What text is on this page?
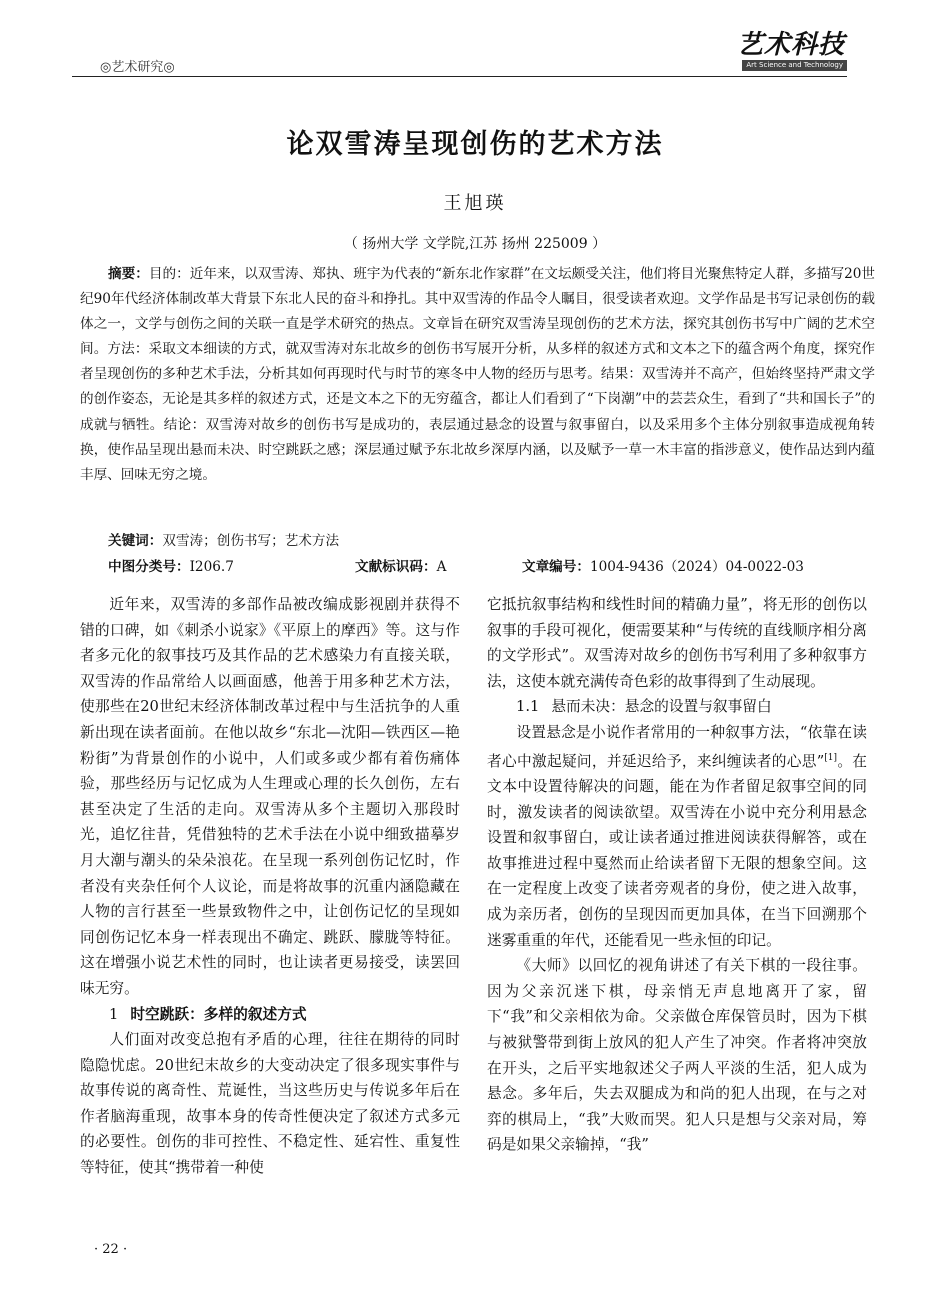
◎艺术研究◎
艺术科技
Art Science and Technology
论双雪涛呈现创伤的艺术方法
王旭瑛
（ 扬州大学 文学院,江苏 扬州 225009 ）

摘要：目的：近年来，以双雪涛、郑执、班宇为代表的“新东北作家群”在文坛颇受关注，他们将目光聚焦特定人群，多描写20世纪90年代经济体制改革大背景下东北人民的奋斗和挣扎。其中双雪涛的作品令人瞩目，很受读者欢迎。文学作品是书写记录创伤的载体之一，文学与创伤之间的关联一直是学术研究的热点。文章旨在研究双雪涛呈现创伤的艺术方法，探究其创伤书写中广阔的艺术空间。方法：采取文本细读的方式，就双雪涛对东北故乡的创伤书写展开分析，从多样的叙述方式和文本之下的蕴含两个角度，探究作者呈现创伤的多种艺术手法，分析其如何再现时代与时节的寒冬中人物的经历与思考。结果：双雪涛并不高产，但始终坚持严肃文学的创作姿态，无论是其多样的叙述方式，还是文本之下的无穷蕴含，都让人们看到了“下岗潮”中的芸芸众生，看到了“共和国长子”的成就与牺牲。结论：双雪涛对故乡的创伤书写是成功的，表层通过悬念的设置与叙事留白，以及采用多个主体分别叙事造成视角转换，使作品呈现出悬而未决、时空跳跃之感；深层通过赋予东北故乡深厚内涵，以及赋予一草一木丰富的指涉意义，使作品达到内蕴丰厚、回味无穷之境。

关键词：双雪涛；创伤书写；艺术方法
中图分类号：I206.7	文献标识码：A	文章编号：1004-9436（2024）04-0022-03

近年来，双雪涛的多部作品被改编成影视剧并获得不错的口碑，如《刺杀小说家》《平原上的摩西》等。这与作者多元化的叙事技巧及其作品的艺术感染力有直接关联，双雪涛的作品常给人以画面感，他善于用多种艺术方法，使那些在20世纪末经济体制改革过程中与生活抗争的人重新出现在读者面前。在他以故乡“东北—沈阳—铁西区—艳粉街”为背景创作的小说中，人们或多或少都有着伤痛体验，那些经历与记忆成为人生理或心理的长久创伤，左右甚至决定了生活的走向。双雪涛从多个主题切入那段时光，追忆往昔，凭借独特的艺术手法在小说中细致描摹岁月大潮与潮头的朵朵浪花。在呈现一系列创伤记忆时，作者没有夹杂任何个人议论，而是将故事的沉重内涵隐藏在人物的言行甚至一些景致物件之中，让创伤记忆的呈现如同创伤记忆本身一样表现出不确定、跳跃、朦胧等特征。这在增强小说艺术性的同时，也让读者更易接受，读罢回味无穷。

1 时空跳跃：多样的叙述方式

人们面对改变总抱有矛盾的心理，往往在期待的同时隐隐忧虑。20世纪末故乡的大变动决定了很多现实事件与故事传说的离奇性、荒诞性，当这些历史与传说多年后在作者脑海重现，故事本身的传奇性便决定了叙述方式多元的必要性。创伤的非可控性、不稳定性、延宕性、重复性等特征，使其“携带着一种使

它抵抗叙事结构和线性时间的精确力量”，将无形的创伤以叙事的手段可视化，便需要某种“与传统的直线顺序相分离的文学形式”。双雪涛对故乡的创伤书写利用了多种叙事方法，这使本就充满传奇色彩的故事得到了生动展现。

1.1 悬而未决：悬念的设置与叙事留白

设置悬念是小说作者常用的一种叙事方法，“依靠在读者心中激起疑问，并延迟给予，来纠缠读者的心思”[1]。在文本中设置待解决的问题，能在为作者留足叙事空间的同时，激发读者的阅读欲望。双雪涛在小说中充分利用悬念设置和叙事留白，或让读者通过推进阅读获得解答，或在故事推进过程中戛然而止给读者留下无限的想象空间。这在一定程度上改变了读者旁观者的身份，使之进入故事，成为亲历者，创伤的呈现因而更加具体，在当下回溯那个迷雾重重的年代，还能看见一些永恒的印记。

《大师》以回忆的视角讲述了有关下棋的一段往事。因为父亲沉迷下棋，母亲悄无声息地离开了家，留下“我”和父亲相依为命。父亲做仓库保管员时，因为下棋与被狱警带到街上放风的犯人产生了冲突。作者将冲突放在开头，之后平实地叙述父子两人平淡的生活，犯人成为悬念。多年后，失去双腿成为和尚的犯人出现，在与之对弈的棋局上，“我”大败而哭。犯人只是想与父亲对局，筹码是如果父亲输掉，“我”

· 22 ·
